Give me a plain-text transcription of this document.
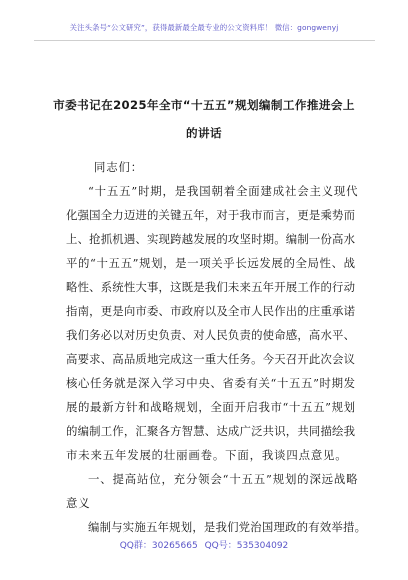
关注头条号“公文研究”，获得最新最全最专业的公文资料库！ 微信：gongwenyj
市委书记在2025年全市“十五五”规划编制工作推进会上
的讲话
同志们：
“十五五”时期，是我国朝着全面建成社会主义现代
化强国全力迈进的关键五年，对于我市而言，更是乘势而
上、抢抓机遇、实现跨越发展的攻坚时期。编制一份高水
平的“十五五”规划，是一项关乎长远发展的全局性、战
略性、系统性大事，这既是我们未来五年开展工作的行动
指南，更是向市委、市政府以及全市人民作出的庄重承诺
我们务必以对历史负责、对人民负责的使命感，高水平、
高要求、高品质地完成这一重大任务。今天召开此次会议
核心任务就是深入学习中央、省委有关“十五五”时期发
展的最新方针和战略规划，全面开启我市“十五五”规划
的编制工作，汇聚各方智慧、达成广泛共识，共同描绘我
市未来五年发展的壮丽画卷。下面，我谈四点意见。
一、提高站位，充分领会“十五五”规划的深远战略
意义
编制与实施五年规划，是我们党治国理政的有效举措。
QQ群：30265665 QQ号：535304092
